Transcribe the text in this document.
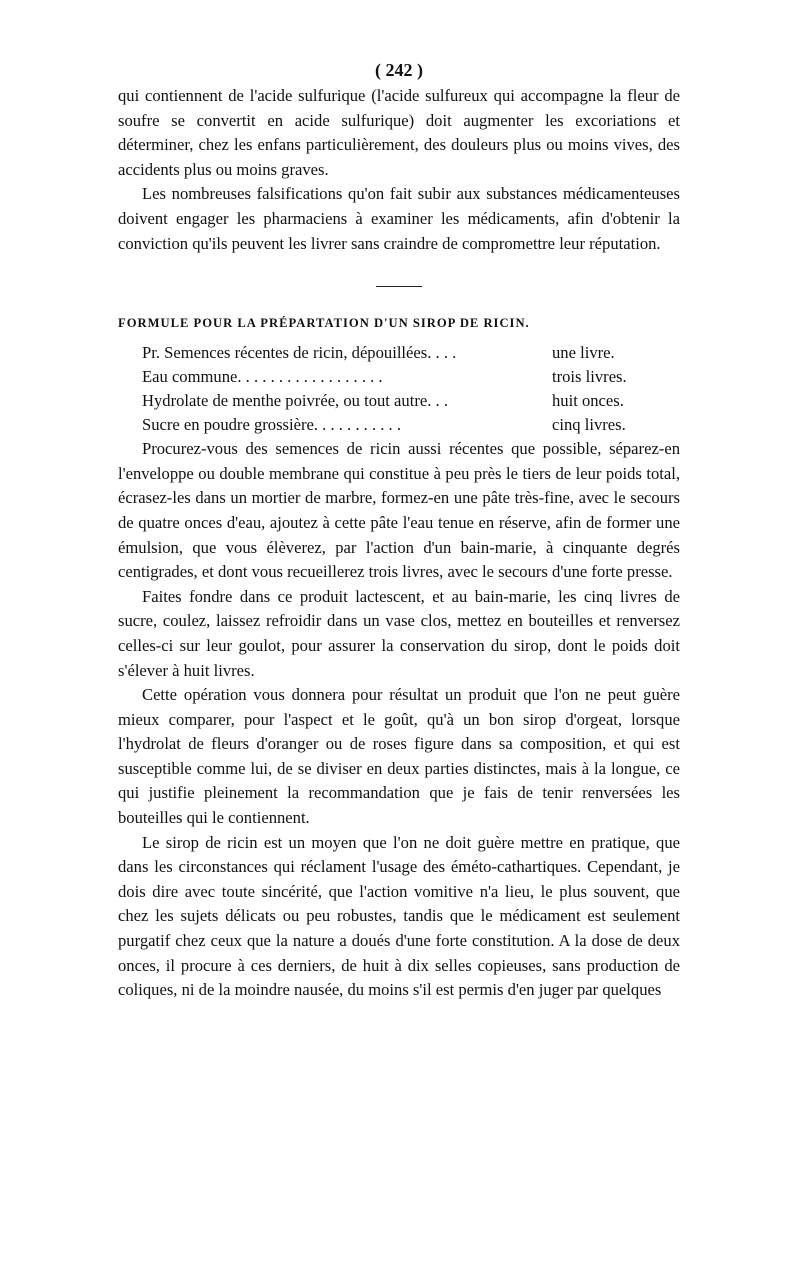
( 242 )

qui contiennent de l'acide sulfurique (l'acide sulfureux qui accompagne la fleur de soufre se convertit en acide sulfurique) doit augmenter les excoriations et déterminer, chez les enfans particulièrement, des douleurs plus ou moins vives, des accidents plus ou moins graves.

Les nombreuses falsifications qu'on fait subir aux substances médicamenteuses doivent engager les pharmaciens à examiner les médicaments, afin d'obtenir la conviction qu'ils peuvent les livrer sans craindre de compromettre leur réputation.

FORMULE POUR LA PRÉPARTATION D'UN SIROP DE RICIN.
Pr. Semences récentes de ricin, dépouillées. . . .	une livre.
Eau commune. . . . . . . . . . . . . . . . . .	trois livres.
Hydrolate de menthe poivrée, ou tout autre. . .	huit onces.
Sucre en poudre grossière. . . . . . . . . . .	cinq livres.

Procurez-vous des semences de ricin aussi récentes que possible, séparez-en l'enveloppe ou double membrane qui constitue à peu près le tiers de leur poids total, écrasez-les dans un mortier de marbre, formez-en une pâte très-fine, avec le secours de quatre onces d'eau, ajoutez à cette pâte l'eau tenue en réserve, afin de former une émulsion, que vous élèverez, par l'action d'un bain-marie, à cinquante degrés centigrades, et dont vous recueillerez trois livres, avec le secours d'une forte presse.

Faites fondre dans ce produit lactescent, et au bain-marie, les cinq livres de sucre, coulez, laissez refroidir dans un vase clos, mettez en bouteilles et renversez celles-ci sur leur goulot, pour assurer la conservation du sirop, dont le poids doit s'élever à huit livres.

Cette opération vous donnera pour résultat un produit que l'on ne peut guère mieux comparer, pour l'aspect et le goût, qu'à un bon sirop d'orgeat, lorsque l'hydrolat de fleurs d'oranger ou de roses figure dans sa composition, et qui est susceptible comme lui, de se diviser en deux parties distinctes, mais à la longue, ce qui justifie pleinement la recommandation que je fais de tenir renversées les bouteilles qui le contiennent.

Le sirop de ricin est un moyen que l'on ne doit guère mettre en pratique, que dans les circonstances qui réclament l'usage des éméto-cathartiques. Cependant, je dois dire avec toute sincérité, que l'action vomitive n'a lieu, le plus souvent, que chez les sujets délicats ou peu robustes, tandis que le médicament est seulement purgatif chez ceux que la nature a doués d'une forte constitution. A la dose de deux onces, il procure à ces derniers, de huit à dix selles copieuses, sans production de coliques, ni de la moindre nausée, du moins s'il est permis d'en juger par quelques
